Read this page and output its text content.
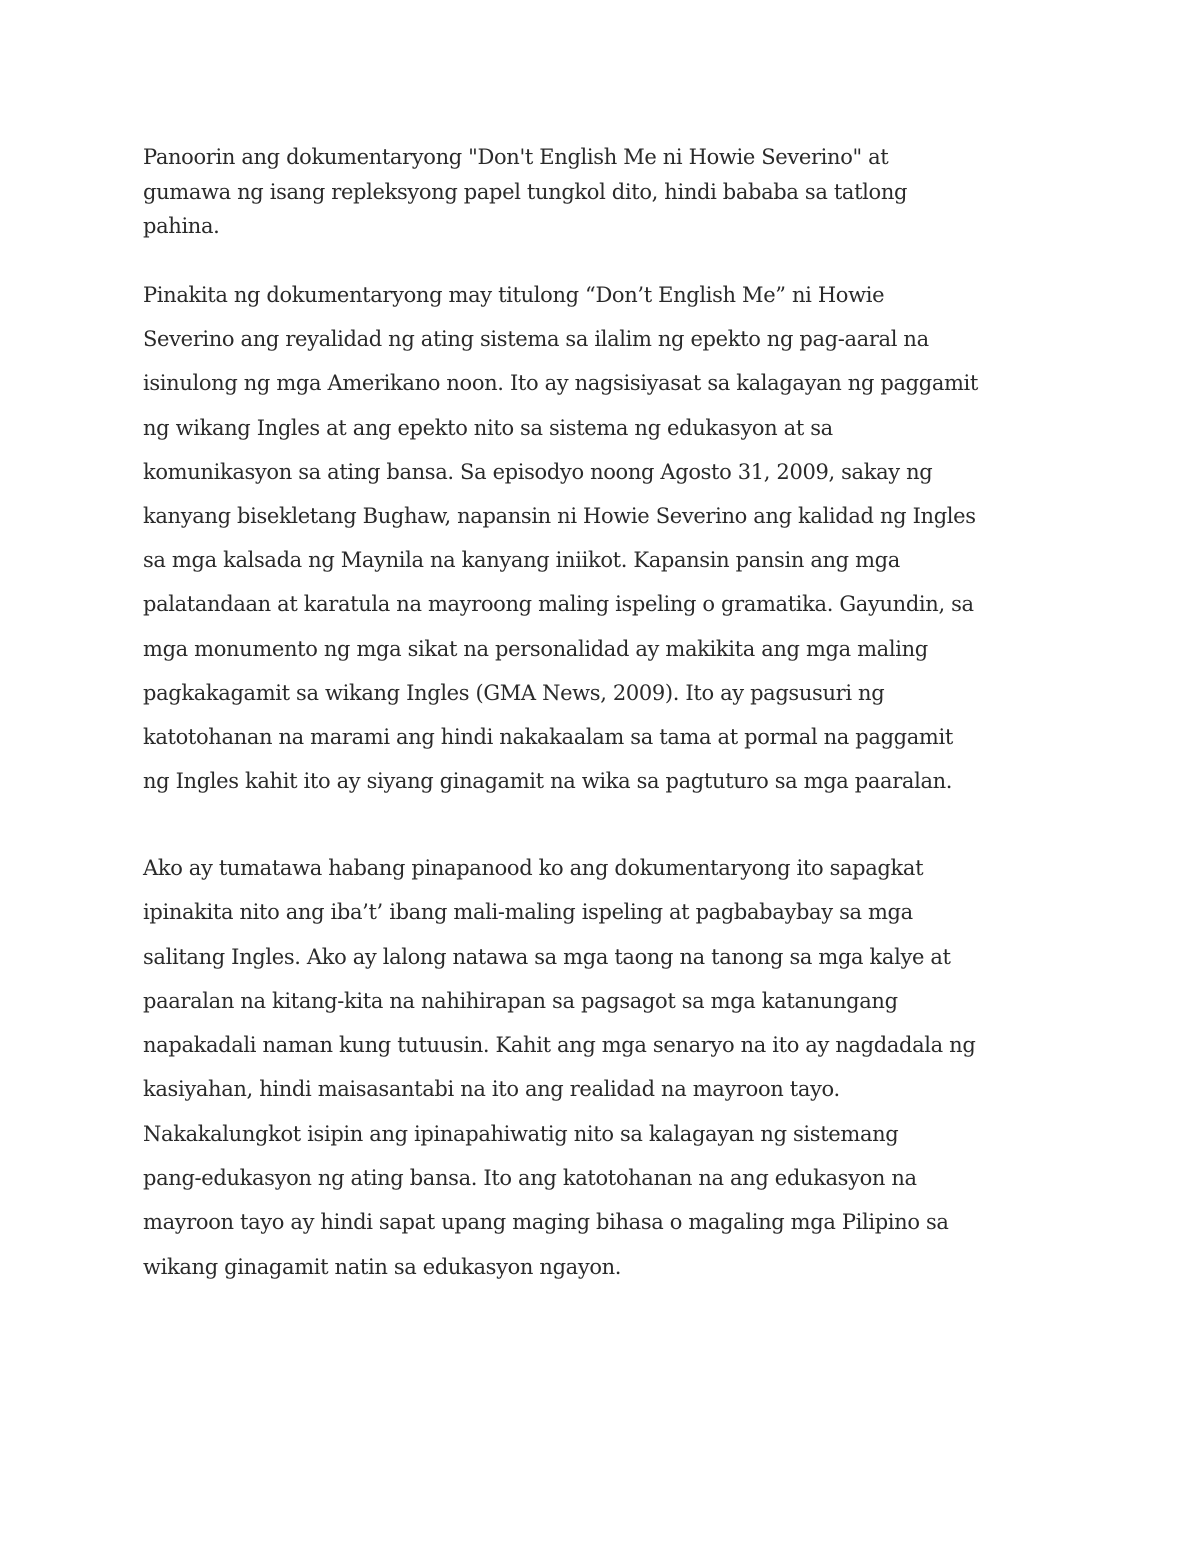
Panoorin ang dokumentaryong "Don't English Me ni Howie Severino" at
gumawa ng isang repleksyong papel tungkol dito, hindi bababa sa tatlong
pahina.

Pinakita ng dokumentaryong may titulong “Don’t English Me” ni Howie
Severino ang reyalidad ng ating sistema sa ilalim ng epekto ng pag-aaral na
isinulong ng mga Amerikano noon. Ito ay nagsisiyasat sa kalagayan ng paggamit
ng wikang Ingles at ang epekto nito sa sistema ng edukasyon at sa
komunikasyon sa ating bansa. Sa episodyo noong Agosto 31, 2009, sakay ng
kanyang bisekletang Bughaw, napansin ni Howie Severino ang kalidad ng Ingles
sa mga kalsada ng Maynila na kanyang iniikot. Kapansin pansin ang mga
palatandaan at karatula na mayroong maling ispeling o gramatika. Gayundin, sa
mga monumento ng mga sikat na personalidad ay makikita ang mga maling
pagkakagamit sa wikang Ingles (GMA News, 2009). Ito ay pagsusuri ng
katotohanan na marami ang hindi nakakaalam sa tama at pormal na paggamit
ng Ingles kahit ito ay siyang ginagamit na wika sa pagtuturo sa mga paaralan.

Ako ay tumatawa habang pinapanood ko ang dokumentaryong ito sapagkat
ipinakita nito ang iba’t’ ibang mali-maling ispeling at pagbabaybay sa mga
salitang Ingles. Ako ay lalong natawa sa mga taong na tanong sa mga kalye at
paaralan na kitang-kita na nahihirapan sa pagsagot sa mga katanungang
napakadali naman kung tutuusin. Kahit ang mga senaryo na ito ay nagdadala ng
kasiyahan, hindi maisasantabi na ito ang realidad na mayroon tayo.
Nakakalungkot isipin ang ipinapahiwatig nito sa kalagayan ng sistemang
pang-edukasyon ng ating bansa. Ito ang katotohanan na ang edukasyon na
mayroon tayo ay hindi sapat upang maging bihasa o magaling mga Pilipino sa
wikang ginagamit natin sa edukasyon ngayon.
